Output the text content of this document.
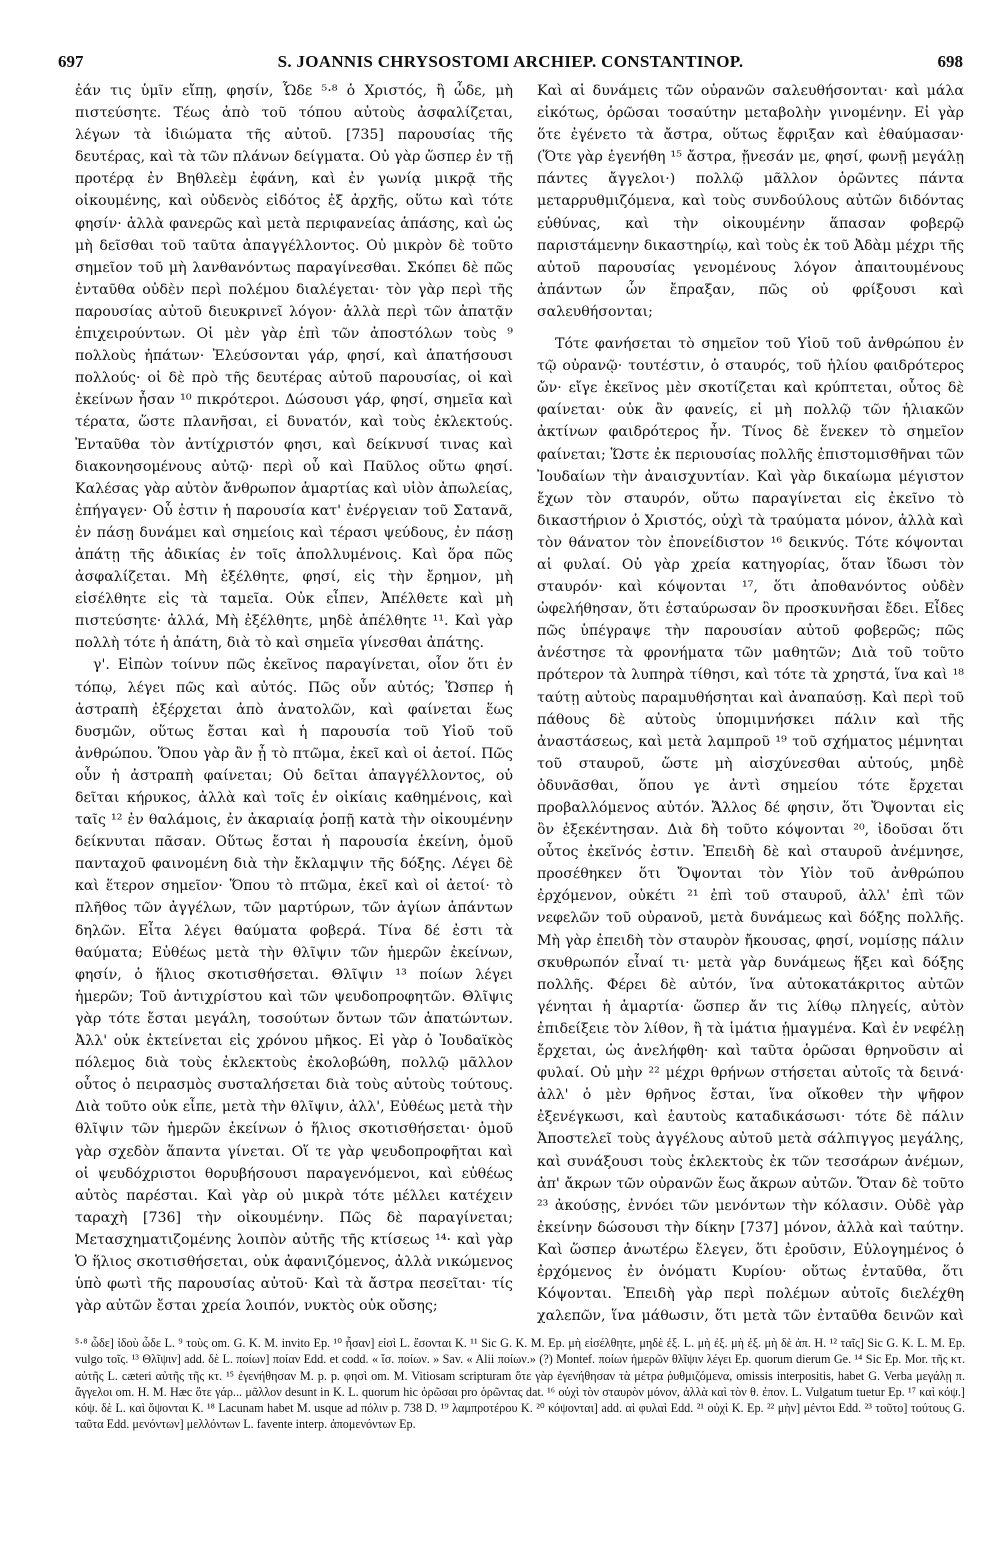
697	S. JOANNIS CHRYSOSTOMI ARCHIEP. CONSTANTINOP.	698

ἐάν τις ὑμῖν εἴπῃ, φησίν, Ὧδε ⁵·⁸ ὁ Χριστός, ἢ ὧδε, μὴ πιστεύσητε. Τέως ἀπὸ τοῦ τόπου αὐτοὺς ἀσφαλίζεται, λέγων τὰ ἰδιώματα τῆς αὐτοῦ. [735] παρουσίας τῆς δευτέρας, καὶ τὰ τῶν πλάνων δείγματα. Οὐ γὰρ ὥσπερ ἐν τῇ προτέρᾳ ἐν Βηθλεὲμ ἐφάνη, καὶ ἐν γωνίᾳ μικρᾷ τῆς οἰκουμένης, καὶ οὐδενὸς εἰδότος ἐξ ἀρχῆς, οὕτω καὶ τότε φησίν· ἀλλὰ φανερῶς καὶ μετὰ περιφανείας ἁπάσης, καὶ ὡς μὴ δεῖσθαι τοῦ ταῦτα ἀπαγγέλλοντος. Οὐ μικρὸν δὲ τοῦτο σημεῖον τοῦ μὴ λανθανόντως παραγίνεσθαι. Σκόπει δὲ πῶς ἐνταῦθα οὐδὲν περὶ πολέμου διαλέγεται· τὸν γὰρ περὶ τῆς παρουσίας αὐτοῦ διευκρινεῖ λόγον· ἀλλὰ περὶ τῶν ἀπατᾷν ἐπιχειρούντων. Οἱ μὲν γὰρ ἐπὶ τῶν ἀποστόλων τοὺς ⁹ πολλοὺς ἠπάτων· Ἐλεύσονται γάρ, φησί, καὶ ἀπατήσουσι πολλούς· οἱ δὲ πρὸ τῆς δευτέρας αὐτοῦ παρουσίας, οἱ καὶ ἐκείνων ἦσαν ¹⁰ πικρότεροι. Δώσουσι γάρ, φησί, σημεῖα καὶ τέρατα, ὥστε πλανῆσαι, εἰ δυνατόν, καὶ τοὺς ἐκλεκτούς. Ἐνταῦθα τὸν ἀντίχριστόν φησι, καὶ δείκνυσί τινας καὶ διακονησομένους αὐτῷ· περὶ οὗ καὶ Παῦλος οὕτω φησί. Καλέσας γὰρ αὐτὸν ἄνθρωπον ἁμαρτίας καὶ υἱὸν ἀπωλείας, ἐπήγαγεν· Οὗ ἐστιν ἡ παρουσία κατ' ἐνέργειαν τοῦ Σατανᾶ, ἐν πάσῃ δυνάμει καὶ σημείοις καὶ τέρασι ψεύδους, ἐν πάσῃ ἀπάτῃ τῆς ἀδικίας ἐν τοῖς ἀπολλυμένοις. Καὶ ὅρα πῶς ἀσφαλίζεται. Μὴ ἐξέλθητε, φησί, εἰς τὴν ἔρημον, μὴ εἰσέλθητε εἰς τὰ ταμεῖα. Οὐκ εἶπεν, Ἀπέλθετε καὶ μὴ πιστεύσητε· ἀλλά, Μὴ ἐξέλθητε, μηδὲ ἀπέλθητε ¹¹. Καὶ γὰρ πολλὴ τότε ἡ ἀπάτη, διὰ τὸ καὶ σημεῖα γίνεσθαι ἀπάτης.

γ'. Εἰπὼν τοίνυν πῶς ἐκεῖνος παραγίνεται, οἷον ὅτι ἐν τόπῳ, λέγει πῶς καὶ αὐτός. Πῶς οὖν αὐτός; Ὥσπερ ἡ ἀστραπὴ ἐξέρχεται ἀπὸ ἀνατολῶν, καὶ φαίνεται ἕως δυσμῶν, οὕτως ἔσται καὶ ἡ παρουσία τοῦ Υἱοῦ τοῦ ἀνθρώπου. Ὅπου γὰρ ἂν ᾖ τὸ πτῶμα, ἐκεῖ καὶ οἱ ἀετοί. Πῶς οὖν ἡ ἀστραπὴ φαίνεται; Οὐ δεῖται ἀπαγγέλλοντος, οὐ δεῖται κήρυκος, ἀλλὰ καὶ τοῖς ἐν οἰκίαις καθημένοις, καὶ ταῖς ¹² ἐν θαλάμοις, ἐν ἀκαριαίᾳ ῥοπῇ κατὰ τὴν οἰκουμένην δείκνυται πᾶσαν. Οὕτως ἔσται ἡ παρουσία ἐκείνη, ὁμοῦ πανταχοῦ φαινομένη διὰ τὴν ἔκλαμψιν τῆς δόξης. Λέγει δὲ καὶ ἕτερον σημεῖον· Ὅπου τὸ πτῶμα, ἐκεῖ καὶ οἱ ἀετοί· τὸ πλῆθος τῶν ἀγγέλων, τῶν μαρτύρων, τῶν ἁγίων ἁπάντων δηλῶν. Εἶτα λέγει θαύματα φοβερά. Τίνα δέ ἐστι τὰ θαύματα; Εὐθέως μετὰ τὴν θλῖψιν τῶν ἡμερῶν ἐκείνων, φησίν, ὁ ἥλιος σκοτισθήσεται. Θλῖψιν ¹³ ποίων λέγει ἡμερῶν; Τοῦ ἀντιχρίστου καὶ τῶν ψευδοπροφητῶν. Θλῖψις γὰρ τότε ἔσται μεγάλη, τοσούτων ὄντων τῶν ἀπατώντων. Ἀλλ' οὐκ ἐκτείνεται εἰς χρόνου μῆκος. Εἰ γὰρ ὁ Ἰουδαϊκὸς πόλεμος διὰ τοὺς ἐκλεκτοὺς ἐκολοβώθη, πολλῷ μᾶλλον οὗτος ὁ πειρασμὸς συσταλήσεται διὰ τοὺς αὐτοὺς τούτους. Διὰ τοῦτο οὐκ εἶπε, μετὰ τὴν θλῖψιν, ἀλλ', Εὐθέως μετὰ τὴν θλῖψιν τῶν ἡμερῶν ἐκείνων ὁ ἥλιος σκοτισθήσεται· ὁμοῦ γὰρ σχεδὸν ἅπαντα γίνεται. Οἵ τε γὰρ ψευδοπροφῆται καὶ οἱ ψευδόχριστοι θορυβήσουσι παραγενόμενοι, καὶ εὐθέως αὐτὸς παρέσται. Καὶ γὰρ οὐ μικρὰ τότε μέλλει κατέχειν ταραχὴ [736] τὴν οἰκουμένην. Πῶς δὲ παραγίνεται; Μετασχηματιζομένης λοιπὸν αὐτῆς τῆς κτίσεως ¹⁴· καὶ γὰρ Ὁ ἥλιος σκοτισθήσεται, οὐκ ἀφανιζόμενος, ἀλλὰ νικώμενος ὑπὸ φωτὶ τῆς παρουσίας αὐτοῦ· Καὶ τὰ ἄστρα πεσεῖται· τίς γὰρ αὐτῶν ἔσται χρεία λοιπόν, νυκτὸς οὐκ οὔσης;

Καὶ αἱ δυνάμεις τῶν οὐρανῶν σαλευθήσονται· καὶ μάλα εἰκότως, ὁρῶσαι τοσαύτην μεταβολὴν γινομένην. Εἰ γὰρ ὅτε ἐγένετο τὰ ἄστρα, οὕτως ἔφριξαν καὶ ἐθαύμασαν· (Ὅτε γὰρ ἐγενήθη ¹⁵ ἄστρα, ᾔνεσάν με, φησί, φωνῇ μεγάλῃ πάντες ἄγγελοι·) πολλῷ μᾶλλον ὁρῶντες πάντα μεταρρυθμιζόμενα, καὶ τοὺς συνδούλους αὐτῶν διδόντας εὐθύνας, καὶ τὴν οἰκουμένην ἅπασαν φοβερῷ παριστάμενην δικαστηρίῳ, καὶ τοὺς ἐκ τοῦ Ἀδὰμ μέχρι τῆς αὐτοῦ παρουσίας γενομένους λόγον ἀπαιτουμένους ἁπάντων ὧν ἔπραξαν, πῶς οὐ φρίξουσι καὶ σαλευθήσονται;

Τότε φανήσεται τὸ σημεῖον τοῦ Υἱοῦ τοῦ ἀνθρώπου ἐν τῷ οὐρανῷ· τουτέστιν, ὁ σταυρός, τοῦ ἡλίου φαιδρότερος ὤν· εἴγε ἐκεῖνος μὲν σκοτίζεται καὶ κρύπτεται, οὗτος δὲ φαίνεται· οὐκ ἂν φανείς, εἰ μὴ πολλῷ τῶν ἡλιακῶν ἀκτίνων φαιδρότερος ἦν. Τίνος δὲ ἕνεκεν τὸ σημεῖον φαίνεται; Ὥστε ἐκ περιουσίας πολλῆς ἐπιστομισθῆναι τῶν Ἰουδαίων τὴν ἀναισχυντίαν. Καὶ γὰρ δικαίωμα μέγιστον ἔχων τὸν σταυρόν, οὕτω παραγίνεται εἰς ἐκεῖνο τὸ δικαστήριον ὁ Χριστός, οὐχὶ τὰ τραύματα μόνον, ἀλλὰ καὶ τὸν θάνατον τὸν ἐπονείδιστον ¹⁶ δεικνύς. Τότε κόψονται αἱ φυλαί. Οὐ γὰρ χρεία κατηγορίας, ὅταν ἴδωσι τὸν σταυρόν· καὶ κόψονται ¹⁷, ὅτι ἀποθανόντος οὐδὲν ὠφελήθησαν, ὅτι ἐσταύρωσαν ὃν προσκυνῆσαι ἔδει. Εἶδες πῶς ὑπέγραψε τὴν παρουσίαν αὐτοῦ φοβερῶς; πῶς ἀνέστησε τὰ φρονήματα τῶν μαθητῶν; Διὰ τοῦ τοῦτο πρότερον τὰ λυπηρὰ τίθησι, καὶ τότε τὰ χρηστά, ἵνα καὶ ¹⁸ ταύτῃ αὐτοὺς παραμυθήσηται καὶ ἀναπαύσῃ. Καὶ περὶ τοῦ πάθους δὲ αὐτοὺς ὑπομιμνήσκει πάλιν καὶ τῆς ἀναστάσεως, καὶ μετὰ λαμπροῦ ¹⁹ τοῦ σχήματος μέμνηται τοῦ σταυροῦ, ὥστε μὴ αἰσχύνεσθαι αὐτούς, μηδὲ ὀδυνᾶσθαι, ὅπου γε ἀντὶ σημείου τότε ἔρχεται προβαλλόμενος αὐτόν. Ἄλλος δέ φησιν, ὅτι Ὄψονται εἰς ὃν ἐξεκέντησαν. Διὰ δὴ τοῦτο κόψονται ²⁰, ἰδοῦσαι ὅτι οὗτος ἐκεῖνός ἐστιν. Ἐπειδὴ δὲ καὶ σταυροῦ ἀνέμνησε, προσέθηκεν ὅτι Ὄψονται τὸν Υἱὸν τοῦ ἀνθρώπου ἐρχόμενον, οὐκέτι ²¹ ἐπὶ τοῦ σταυροῦ, ἀλλ' ἐπὶ τῶν νεφελῶν τοῦ οὐρανοῦ, μετὰ δυνάμεως καὶ δόξης πολλῆς. Μὴ γὰρ ἐπειδὴ τὸν σταυρὸν ἤκουσας, φησί, νομίσῃς πάλιν σκυθρωπόν εἶναί τι· μετὰ γὰρ δυνάμεως ἥξει καὶ δόξης πολλῆς. Φέρει δὲ αὐτόν, ἵνα αὐτοκατάκριτος αὐτῶν γένηται ἡ ἁμαρτία· ὥσπερ ἄν τις λίθῳ πληγείς, αὐτὸν ἐπιδείξειε τὸν λίθον, ἢ τὰ ἱμάτια ᾑμαγμένα. Καὶ ἐν νεφέλῃ ἔρχεται, ὡς ἀνελήφθη· καὶ ταῦτα ὁρῶσαι θρηνοῦσιν αἱ φυλαί. Οὐ μὴν ²² μέχρι θρήνων στήσεται αὐτοῖς τὰ δεινά· ἀλλ' ὁ μὲν θρῆνος ἔσται, ἵνα οἴκοθεν τὴν ψῆφον ἐξενέγκωσι, καὶ ἑαυτοὺς καταδικάσωσι· τότε δὲ πάλιν Ἀποστελεῖ τοὺς ἀγγέλους αὐτοῦ μετὰ σάλπιγγος μεγάλης, καὶ συνάξουσι τοὺς ἐκλεκτοὺς ἐκ τῶν τεσσάρων ἀνέμων, ἀπ' ἄκρων τῶν οὐρανῶν ἕως ἄκρων αὐτῶν. Ὅταν δὲ τοῦτο ²³ ἀκούσῃς, ἐννόει τῶν μενόντων τὴν κόλασιν. Οὐδὲ γὰρ ἐκείνην δώσουσι τὴν δίκην [737] μόνον, ἀλλὰ καὶ ταύτην. Καὶ ὥσπερ ἀνωτέρω ἔλεγεν, ὅτι ἐροῦσιν, Εὐλογημένος ὁ ἐρχόμενος ἐν ὀνόματι Κυρίου· οὕτως ἐνταῦθα, ὅτι Κόψονται. Ἐπειδὴ γὰρ περὶ πολέμων αὐτοῖς διελέχθη χαλεπῶν, ἵνα μάθωσιν, ὅτι μετὰ τῶν ἐνταῦθα δεινῶν καὶ

⁵·⁸ ὧδε] ἰδοὺ ὧδε L. ⁹ τοὺς om. G. K. M. invito Ep. ¹⁰ ἦσαν] εἰσὶ L. ἔσονται K. ¹¹ Sic G. K. M. Ep. μὴ εἰσέλθητε, μηδὲ ἐξ. L. μὴ ἐξ. μὴ ἐξ. μὴ δὲ ἀπ. H. ¹² ταῖς] Sic G. K. L. M. Ep. vulgo τοῖς. ¹³ Θλῖψιν] add. δὲ L. ποίων] ποίαν Edd. et codd. « ἴσ. ποίων. » Sav. « Alii ποίων.» (?) Montef. ποίων ἡμερῶν θλῖψιν λέγει Ep. quorum dierum Ge. ¹⁴ Sic Ep. Mor. τῆς κτ. αὐτῆς L. cæteri αὐτῆς τῆς κτ. ¹⁵ ἐγενήθησαν M. p. p. φησὶ om. M. Vitiosam scripturam ὅτε γὰρ ἐγενήθησαν τὰ μέτρα ῥυθμιζόμενα, omissis interpositis, habet G. Verba μεγάλῃ π. ἄγγελοι om. H. M. Hæc ὅτε γάρ... μᾶλλον desunt in K. L. quorum hic ὁρῶσαι pro ὁρῶντας dat. ¹⁶ οὐχὶ τὸν σταυρὸν μόνον, ἀλλὰ καὶ τὸν θ. ἐπον. L. Vulgatum tuetur Ep. ¹⁷ καὶ κόψ.] κόψ. δὲ L. καὶ ὄψονται K. ¹⁸ Lacunam habet M. usque ad πόλιν p. 738 D. ¹⁹ λαμπροτέρου K. ²⁰ κόψονται] add. αἱ φυλαὶ Edd. ²¹ οὐχὶ K. Ep. ²² μὴν] μέντοι Edd. ²³ τοῦτο] τούτους G. ταῦτα Edd. μενόντων] μελλόντων L. favente interp. ἀπομενόντων Ep.
